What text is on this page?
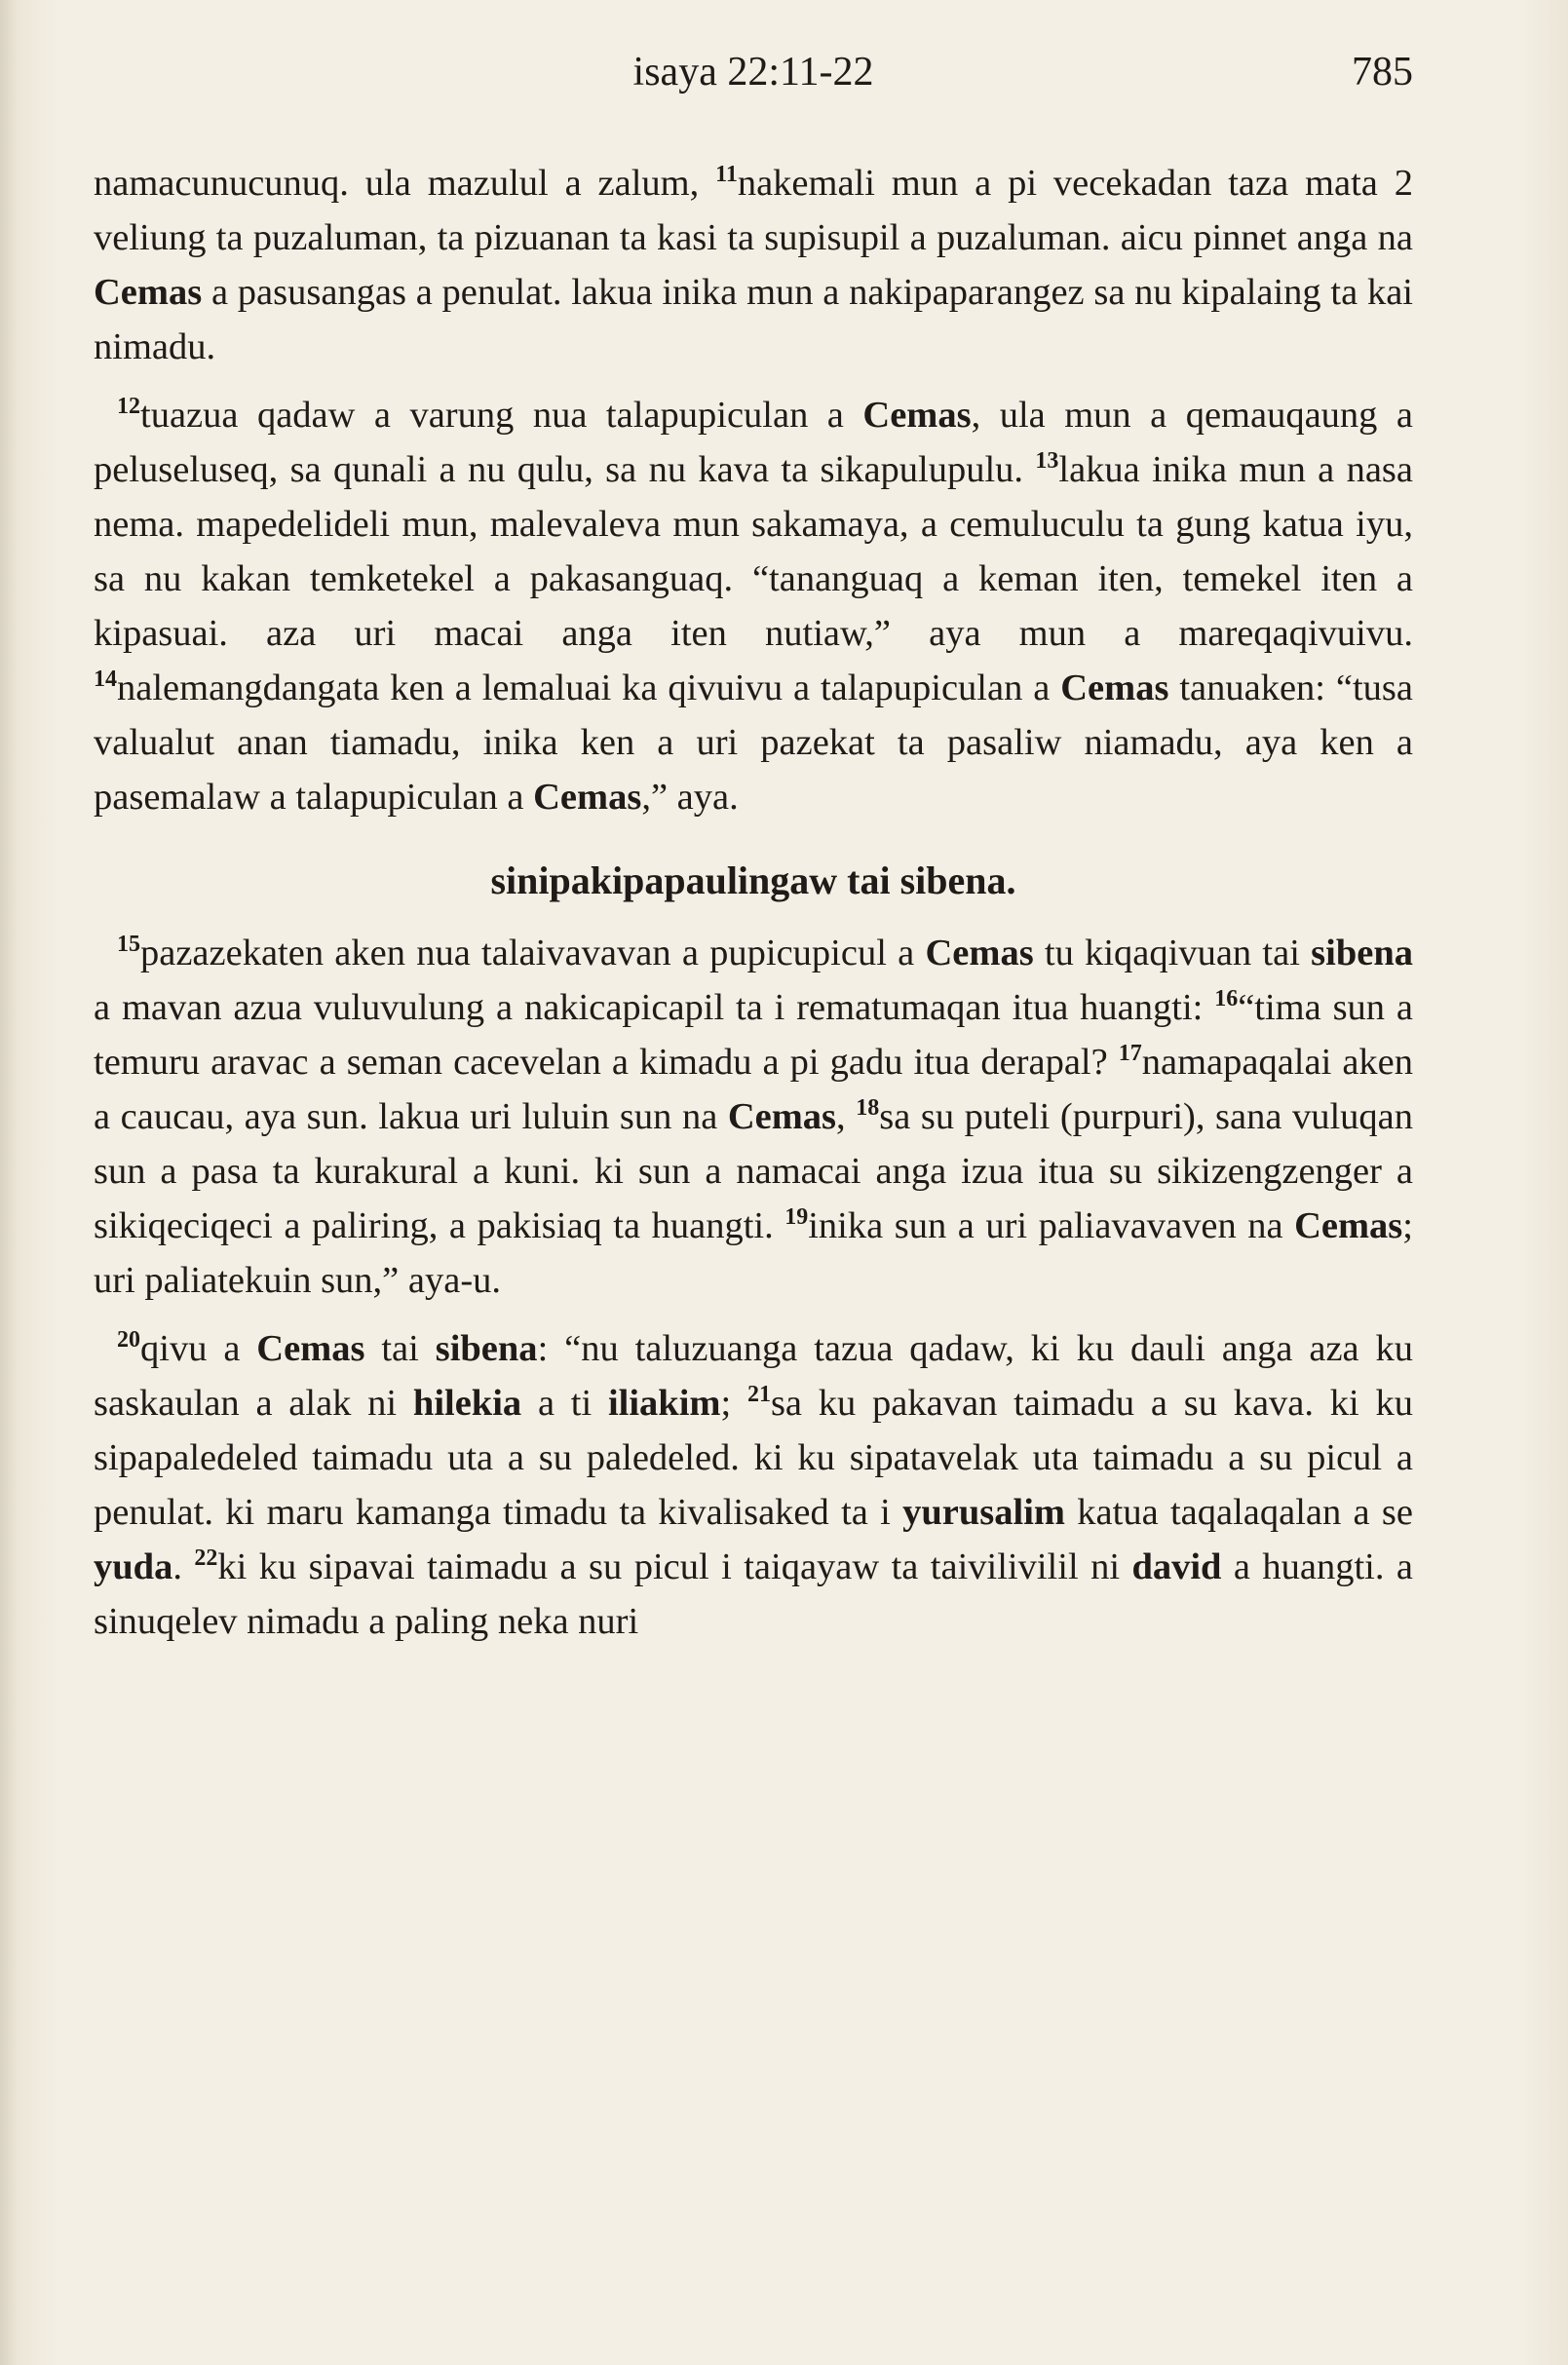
isaya 22:11-22	785

namacunucunuq. ula mazulul a zalum, $^{11}$nakemali mun a pi vecekadan taza mata 2 veliung ta puzaluman, ta pizuanan ta kasi ta supisupil a puzaluman. aicu pinnet anga na Cemas a pasusangas a penulat. lakua inika mun a nakipaparangez sa nu kipalaing ta kai nimadu.

$^{12}$tuazua qadaw a varung nua talapupiculan a Cemas, ula mun a qemauqaung a peluseluseq, sa qunali a nu qulu, sa nu kava ta sikapulupulu. $^{13}$lakua inika mun a nasa nema. mapedelideli mun, malevaleva mun sakamaya, a cemuluculu ta gung katua iyu, sa nu kakan temketekel a pakasanguaq. “tananguaq a keman iten, temekel iten a kipasuai. aza uri macai anga iten nutiaw,” aya mun a mareqaqivuivu. $^{14}$nalemangdangata ken a lemaluai ka qivuivu a talapupiculan a Cemas tanuaken: “tusa valualut anan tiamadu, inika ken a uri pazekat ta pasaliw niamadu, aya ken a pasemalaw a talapupiculan a Cemas,” aya.

sinipakipapaulingaw tai sibena.

$^{15}$pazazekaten aken nua talaivavavan a pupicupicul a Cemas tu kiqaqivuan tai sibena a mavan azua vuluvulung a nakicapicapil ta i rematumaqan itua huangti: $^{16}$“tima sun a temuru aravac a seman cacevelan a kimadu a pi gadu itua derapal? $^{17}$namapaqalai aken a caucau, aya sun. lakua uri luluin sun na Cemas, $^{18}$sa su puteli (purpuri), sana vuluqan sun a pasa ta kurakural a kuni. ki sun a namacai anga izua itua su sikizengzenger a sikiqeciqeci a paliring, a pakisiaq ta huangti. $^{19}$inika sun a uri paliavavaven na Cemas; uri paliatekuin sun,” aya-u.

$^{20}$qivu a Cemas tai sibena: “nu taluzuanga tazua qadaw, ki ku dauli anga aza ku saskaulan a alak ni hilekia a ti iliakim; $^{21}$sa ku pakavan taimadu a su kava. ki ku sipapaledeled taimadu uta a su paledeled. ki ku sipatavelak uta taimadu a su picul a penulat. ki maru kamanga timadu ta kivalisaked ta i yurusalim katua taqalaqalan a se yuda. $^{22}$ki ku sipavai taimadu a su picul i taiqayaw ta taivilivilil ni david a huangti. a sinuqelev nimadu a paling neka nuri
